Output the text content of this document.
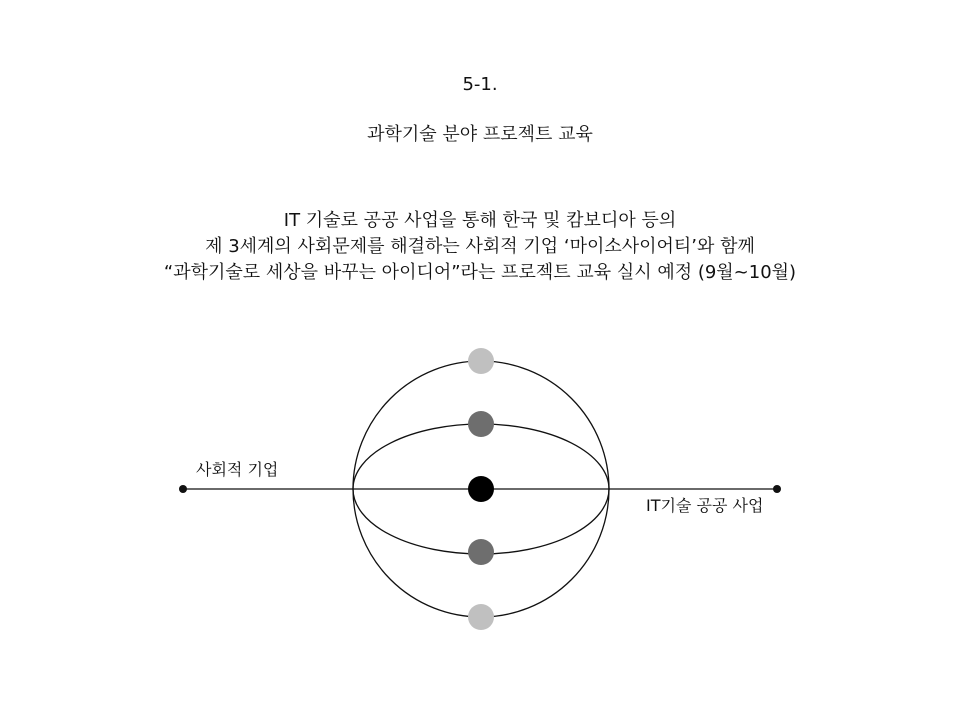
5-1.
과학기술 분야 프로젝트 교육
IT 기술로 공공 사업을 통해 한국 및 캄보디아 등의
제 3세계의 사회문제를 해결하는 사회적 기업 ‘마이소사이어티’와 함께
“과학기술로 세상을 바꾸는 아이디어”라는 프로젝트 교육 실시 예정 (9월~10월)
사회적 기업
IT기술 공공 사업
